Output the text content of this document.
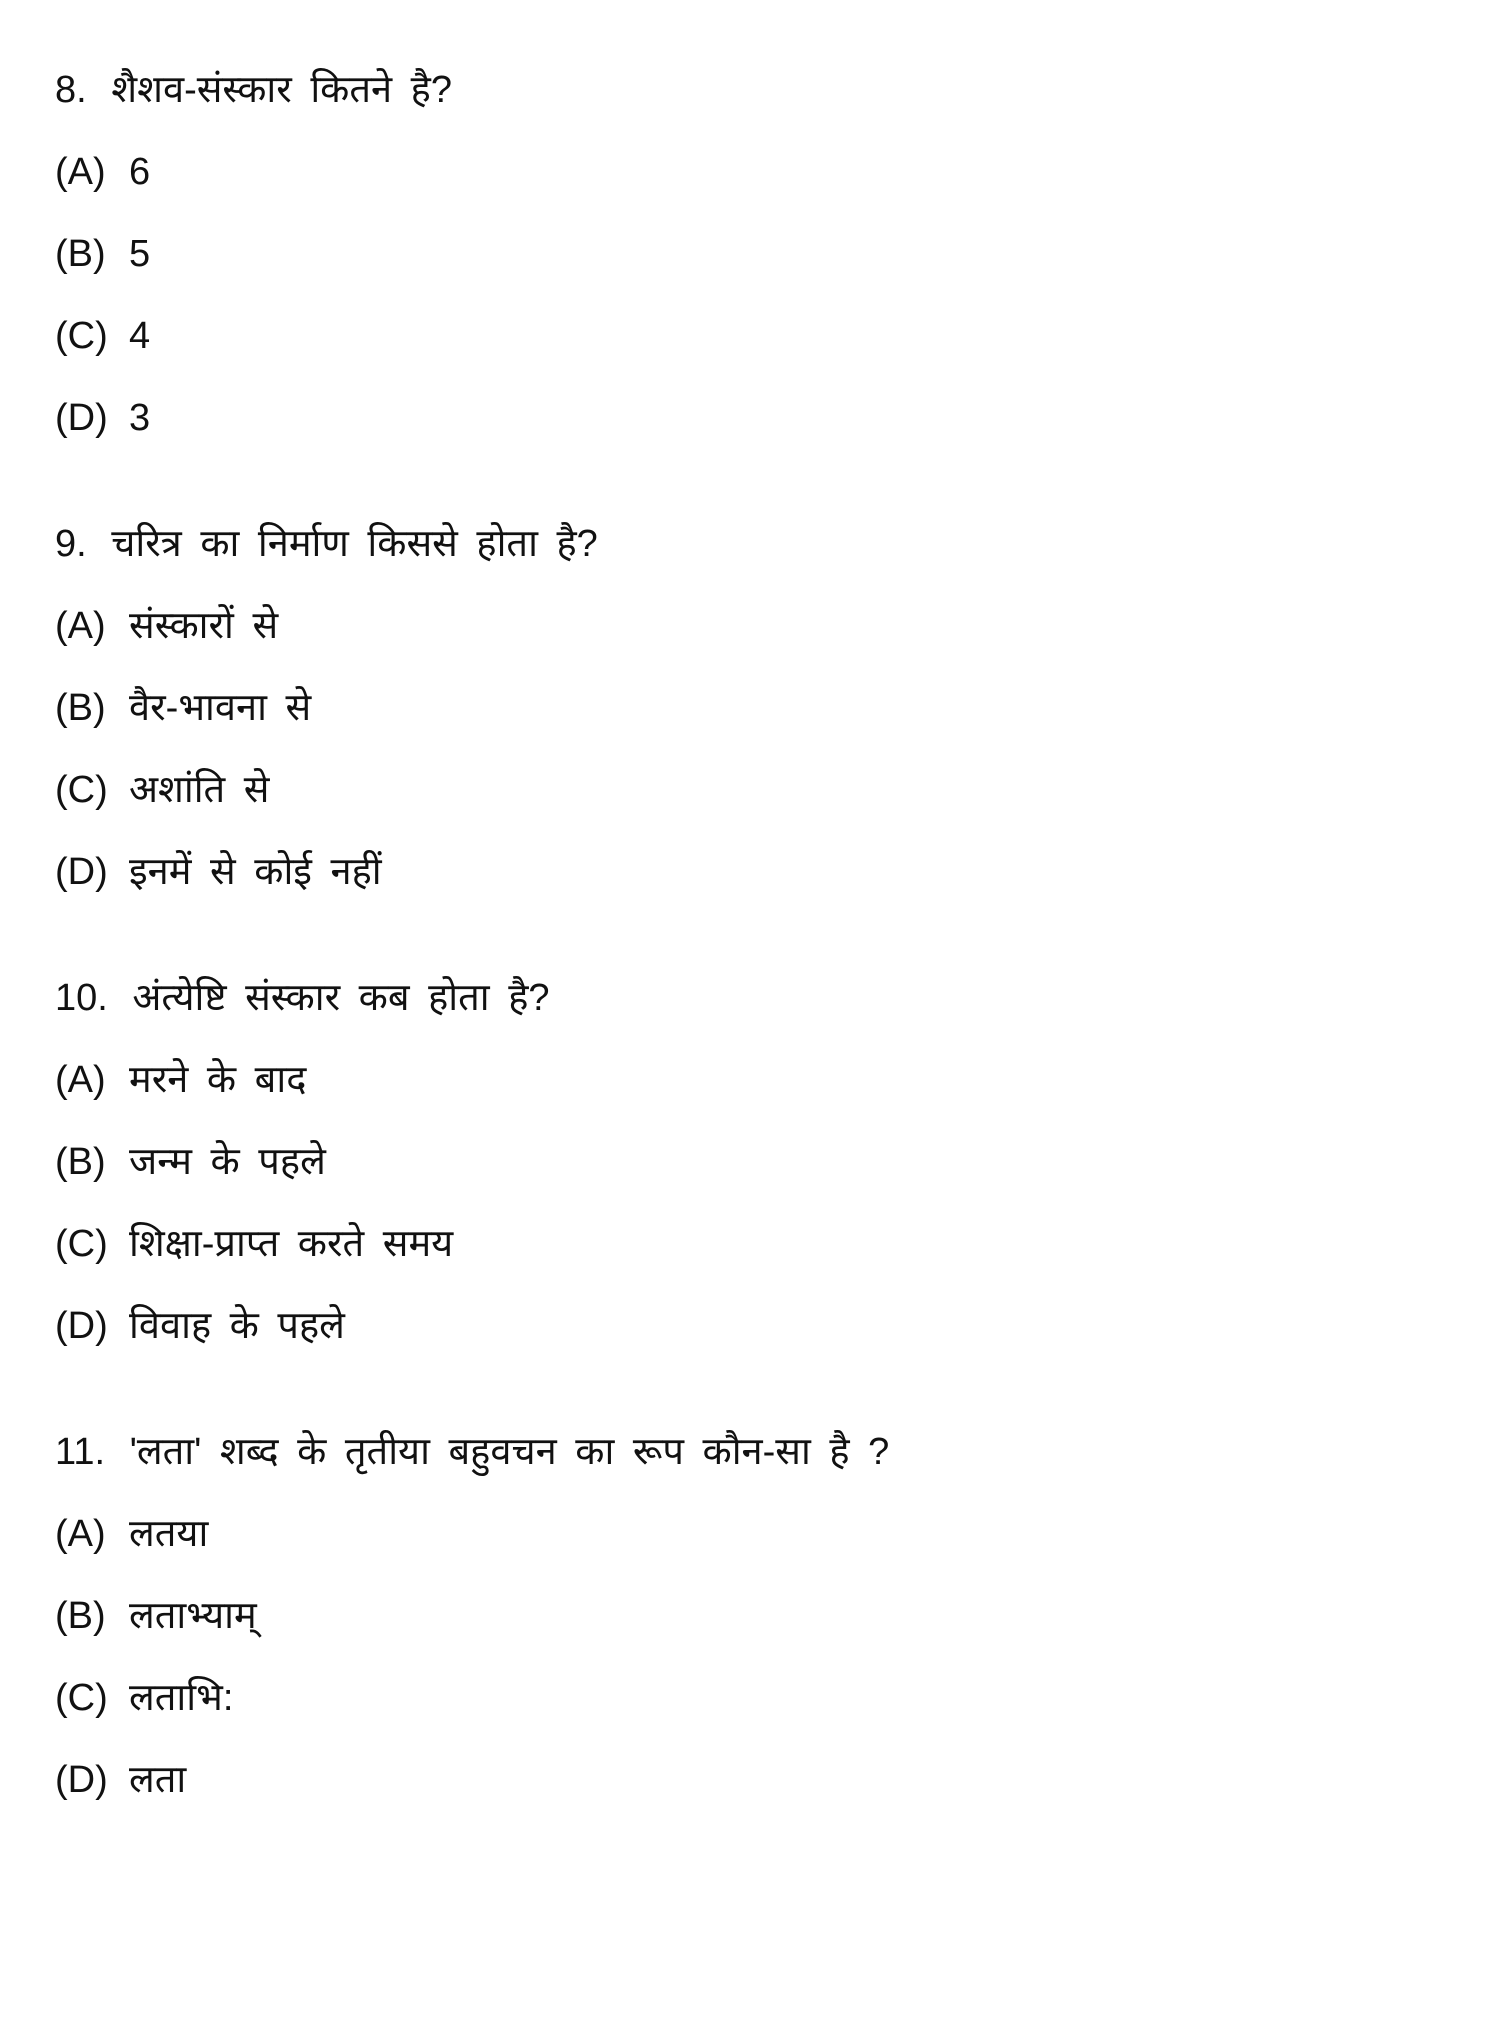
8. शैशव-संस्कार कितने है?
(A) 6
(B) 5
(C) 4
(D) 3
9. चरित्र का निर्माण किससे होता है?
(A) संस्कारों से
(B) वैर-भावना से
(C) अशांति से
(D) इनमें से कोई नहीं
10. अंत्येष्टि संस्कार कब होता है?
(A) मरने के बाद
(B) जन्म के पहले
(C) शिक्षा-प्राप्त करते समय
(D) विवाह के पहले
11. 'लता' शब्द के तृतीया बहुवचन का रूप कौन-सा है ?
(A) लतया
(B) लताभ्याम्
(C) लताभि:
(D) लता
